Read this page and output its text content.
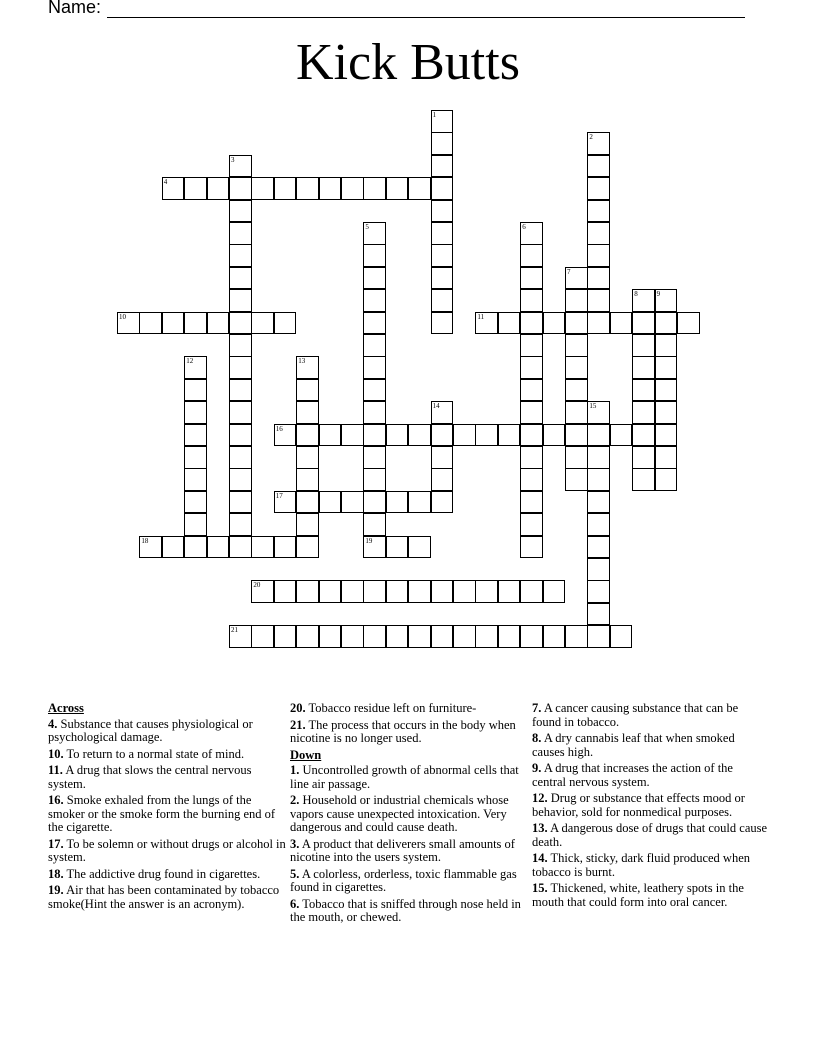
Name:
Kick Butts
1
2
3
4
5	6
7
8	9
10	11
12	13
14	15
16
17
18	19
20
21
Across
4. Substance that causes physiological or psychological damage.
10. To return to a normal state of mind.
11. A drug that slows the central nervous system.
16. Smoke exhaled from the lungs of the smoker or the smoke form the burning end of the cigarette.
17. To be solemn or without drugs or alcohol in system.
18. The addictive drug found in cigarettes.
19. Air that has been contaminated by tobacco smoke(Hint the answer is an acronym).
20. Tobacco residue left on furniture-
21. The process that occurs in the body when nicotine is no longer used.
Down
1. Uncontrolled growth of abnormal cells that line air passage.
2. Household or industrial chemicals whose vapors cause unexpected intoxication. Very dangerous and could cause death.
3. A product that deliverers small amounts of nicotine into the users system.
5. A colorless, orderless, toxic flammable gas found in cigarettes.
6. Tobacco that is sniffed through nose held in the mouth, or chewed.
7. A cancer causing substance that can be found in tobacco.
8. A dry cannabis leaf that when smoked causes high.
9. A drug that increases the action of the central nervous system.
12. Drug or substance that effects mood or behavior, sold for nonmedical purposes.
13. A dangerous dose of drugs that could cause death.
14. Thick, sticky, dark fluid produced when tobacco is burnt.
15. Thickened, white, leathery spots in the mouth that could form into oral cancer.
